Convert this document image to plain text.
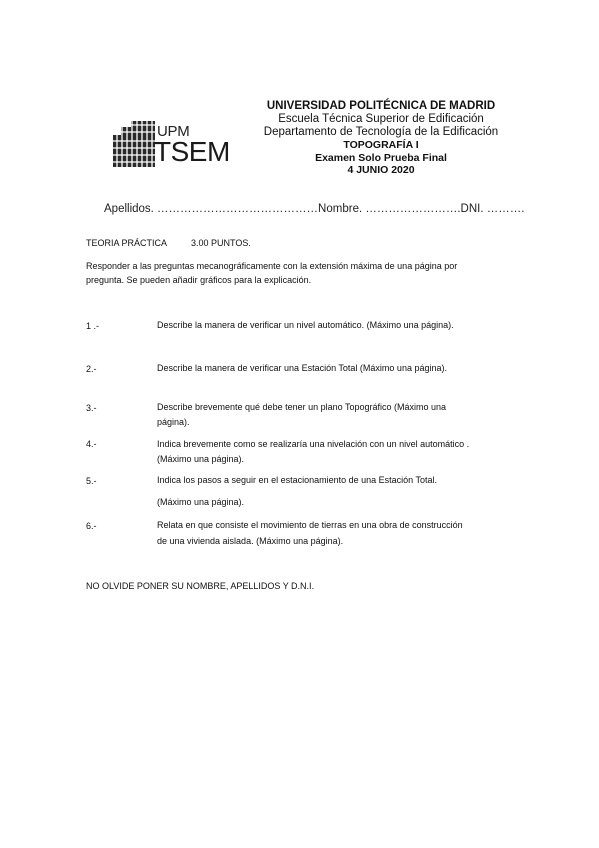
UPM
TSEM
UNIVERSIDAD POLITÉCNICA DE MADRID
Escuela Técnica Superior de Edificación
Departamento de Tecnología de la Edificación
TOPOGRAFÍA I
Examen Solo Prueba Final
4 JUNIO 2020
Apellidos. ……………………………………Nombre. …………………….DNI. ……….
TEORIA PRÁCTICA	3.00 PUNTOS.
Responder a las preguntas mecanográficamente con la extensión máxima de una página por
pregunta. Se pueden añadir gráficos para la explicación.
1 .-	Describe la manera de verificar un nivel automático. (Máximo una página).
2.-	Describe la manera de verificar una Estación Total (Máximo una página).
3.-	Describe brevemente qué debe tener un plano Topográfico (Máximo una
página).
4.-	Indica brevemente como se realizaría una nivelación con un nivel automático .
(Máximo una página).
5.-	Indica los pasos a seguir en el estacionamiento de una Estación Total.
(Máximo una página).
6.-	Relata en que consiste el movimiento de tierras en una obra de construcción
de una vivienda aislada. (Máximo una página).
NO OLVIDE PONER SU NOMBRE, APELLIDOS Y D.N.I.
